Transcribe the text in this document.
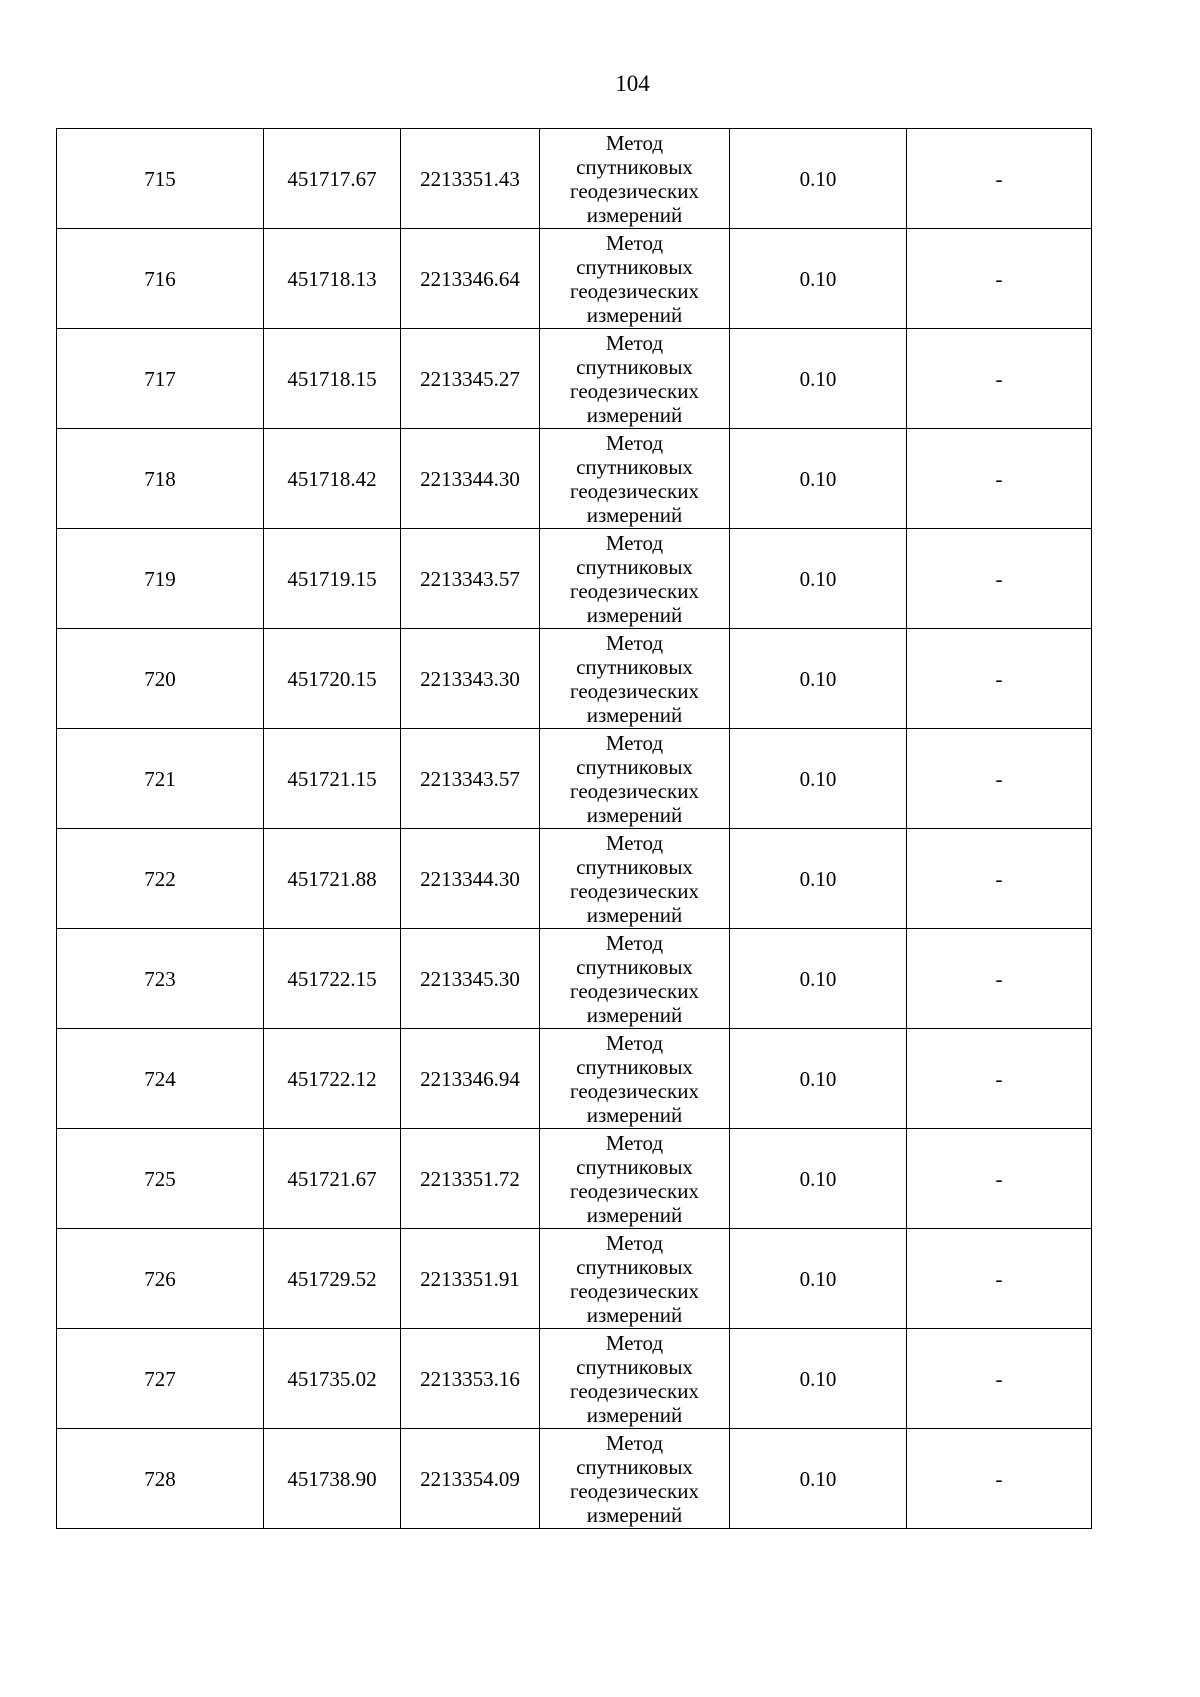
104
715	451717.67	2213351.43	Метод
спутниковых
геодезических
измерений	0.10	-
716	451718.13	2213346.64	Метод
спутниковых
геодезических
измерений	0.10	-
717	451718.15	2213345.27	Метод
спутниковых
геодезических
измерений	0.10	-
718	451718.42	2213344.30	Метод
спутниковых
геодезических
измерений	0.10	-
719	451719.15	2213343.57	Метод
спутниковых
геодезических
измерений	0.10	-
720	451720.15	2213343.30	Метод
спутниковых
геодезических
измерений	0.10	-
721	451721.15	2213343.57	Метод
спутниковых
геодезических
измерений	0.10	-
722	451721.88	2213344.30	Метод
спутниковых
геодезических
измерений	0.10	-
723	451722.15	2213345.30	Метод
спутниковых
геодезических
измерений	0.10	-
724	451722.12	2213346.94	Метод
спутниковых
геодезических
измерений	0.10	-
725	451721.67	2213351.72	Метод
спутниковых
геодезических
измерений	0.10	-
726	451729.52	2213351.91	Метод
спутниковых
геодезических
измерений	0.10	-
727	451735.02	2213353.16	Метод
спутниковых
геодезических
измерений	0.10	-
728	451738.90	2213354.09	Метод
спутниковых
геодезических
измерений	0.10	-
